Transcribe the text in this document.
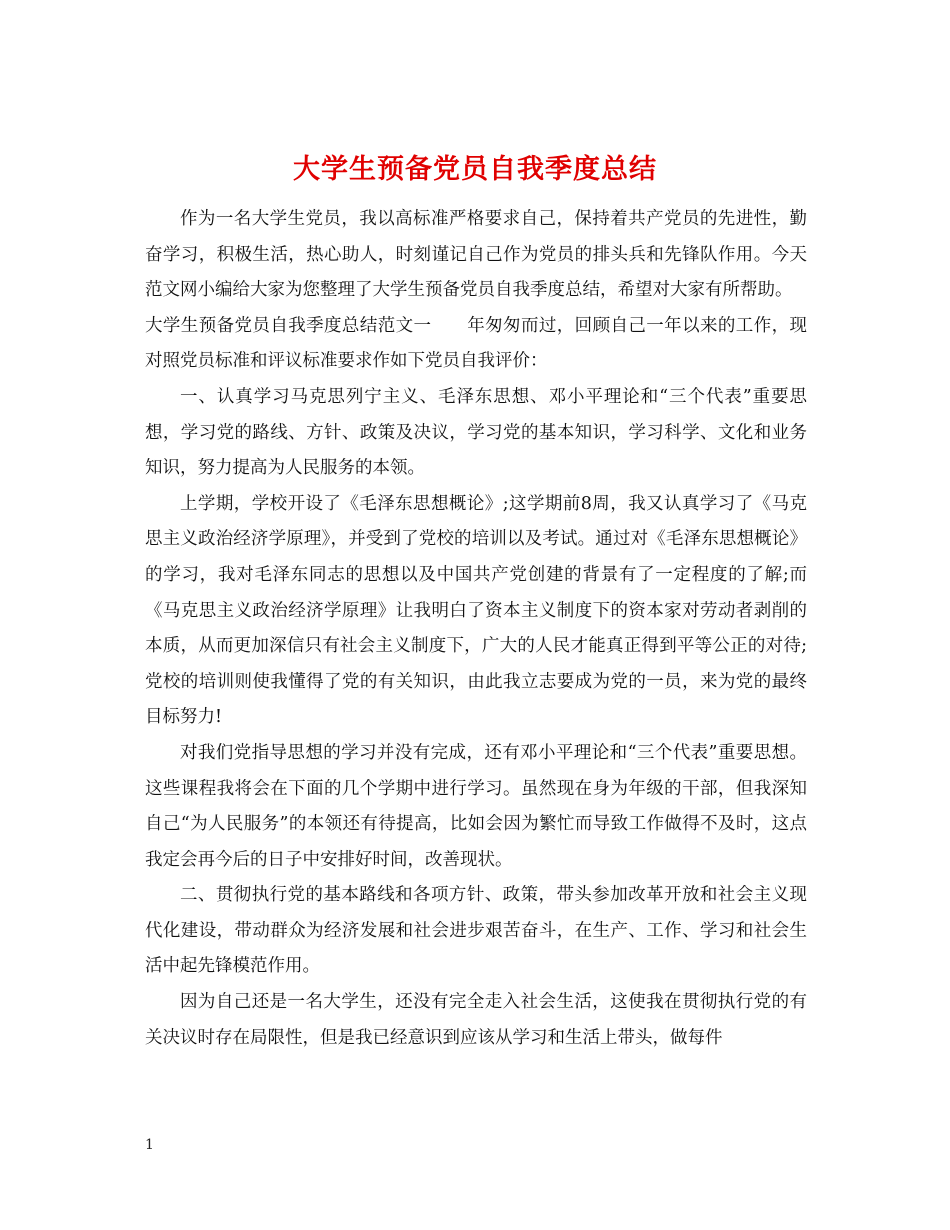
大学生预备党员自我季度总结

作为一名大学生党员，我以高标准严格要求自己，保持着共产党员的先进性，勤奋学习，积极生活，热心助人，时刻谨记自己作为党员的排头兵和先锋队作用。今天范文网小编给大家为您整理了大学生预备党员自我季度总结，希望对大家有所帮助。

大学生预备党员自我季度总结范文一　　年匆匆而过，回顾自己一年以来的工作，现对照党员标准和评议标准要求作如下党员自我评价：

一、认真学习马克思列宁主义、毛泽东思想、邓小平理论和“三个代表”重要思想，学习党的路线、方针、政策及决议，学习党的基本知识，学习科学、文化和业务知识，努力提高为人民服务的本领。

上学期，学校开设了《毛泽东思想概论》;这学期前8周，我又认真学习了《马克思主义政治经济学原理》，并受到了党校的培训以及考试。通过对《毛泽东思想概论》的学习，我对毛泽东同志的思想以及中国共产党创建的背景有了一定程度的了解;而《马克思主义政治经济学原理》让我明白了资本主义制度下的资本家对劳动者剥削的本质，从而更加深信只有社会主义制度下，广大的人民才能真正得到平等公正的对待;党校的培训则使我懂得了党的有关知识，由此我立志要成为党的一员，来为党的最终目标努力!

对我们党指导思想的学习并没有完成，还有邓小平理论和“三个代表”重要思想。这些课程我将会在下面的几个学期中进行学习。虽然现在身为年级的干部，但我深知自己“为人民服务”的本领还有待提高，比如会因为繁忙而导致工作做得不及时，这点我定会再今后的日子中安排好时间，改善现状。

二、贯彻执行党的基本路线和各项方针、政策，带头参加改革开放和社会主义现代化建设，带动群众为经济发展和社会进步艰苦奋斗，在生产、工作、学习和社会生活中起先锋模范作用。

因为自己还是一名大学生，还没有完全走入社会生活，这使我在贯彻执行党的有关决议时存在局限性，但是我已经意识到应该从学习和生活上带头，做每件

1
